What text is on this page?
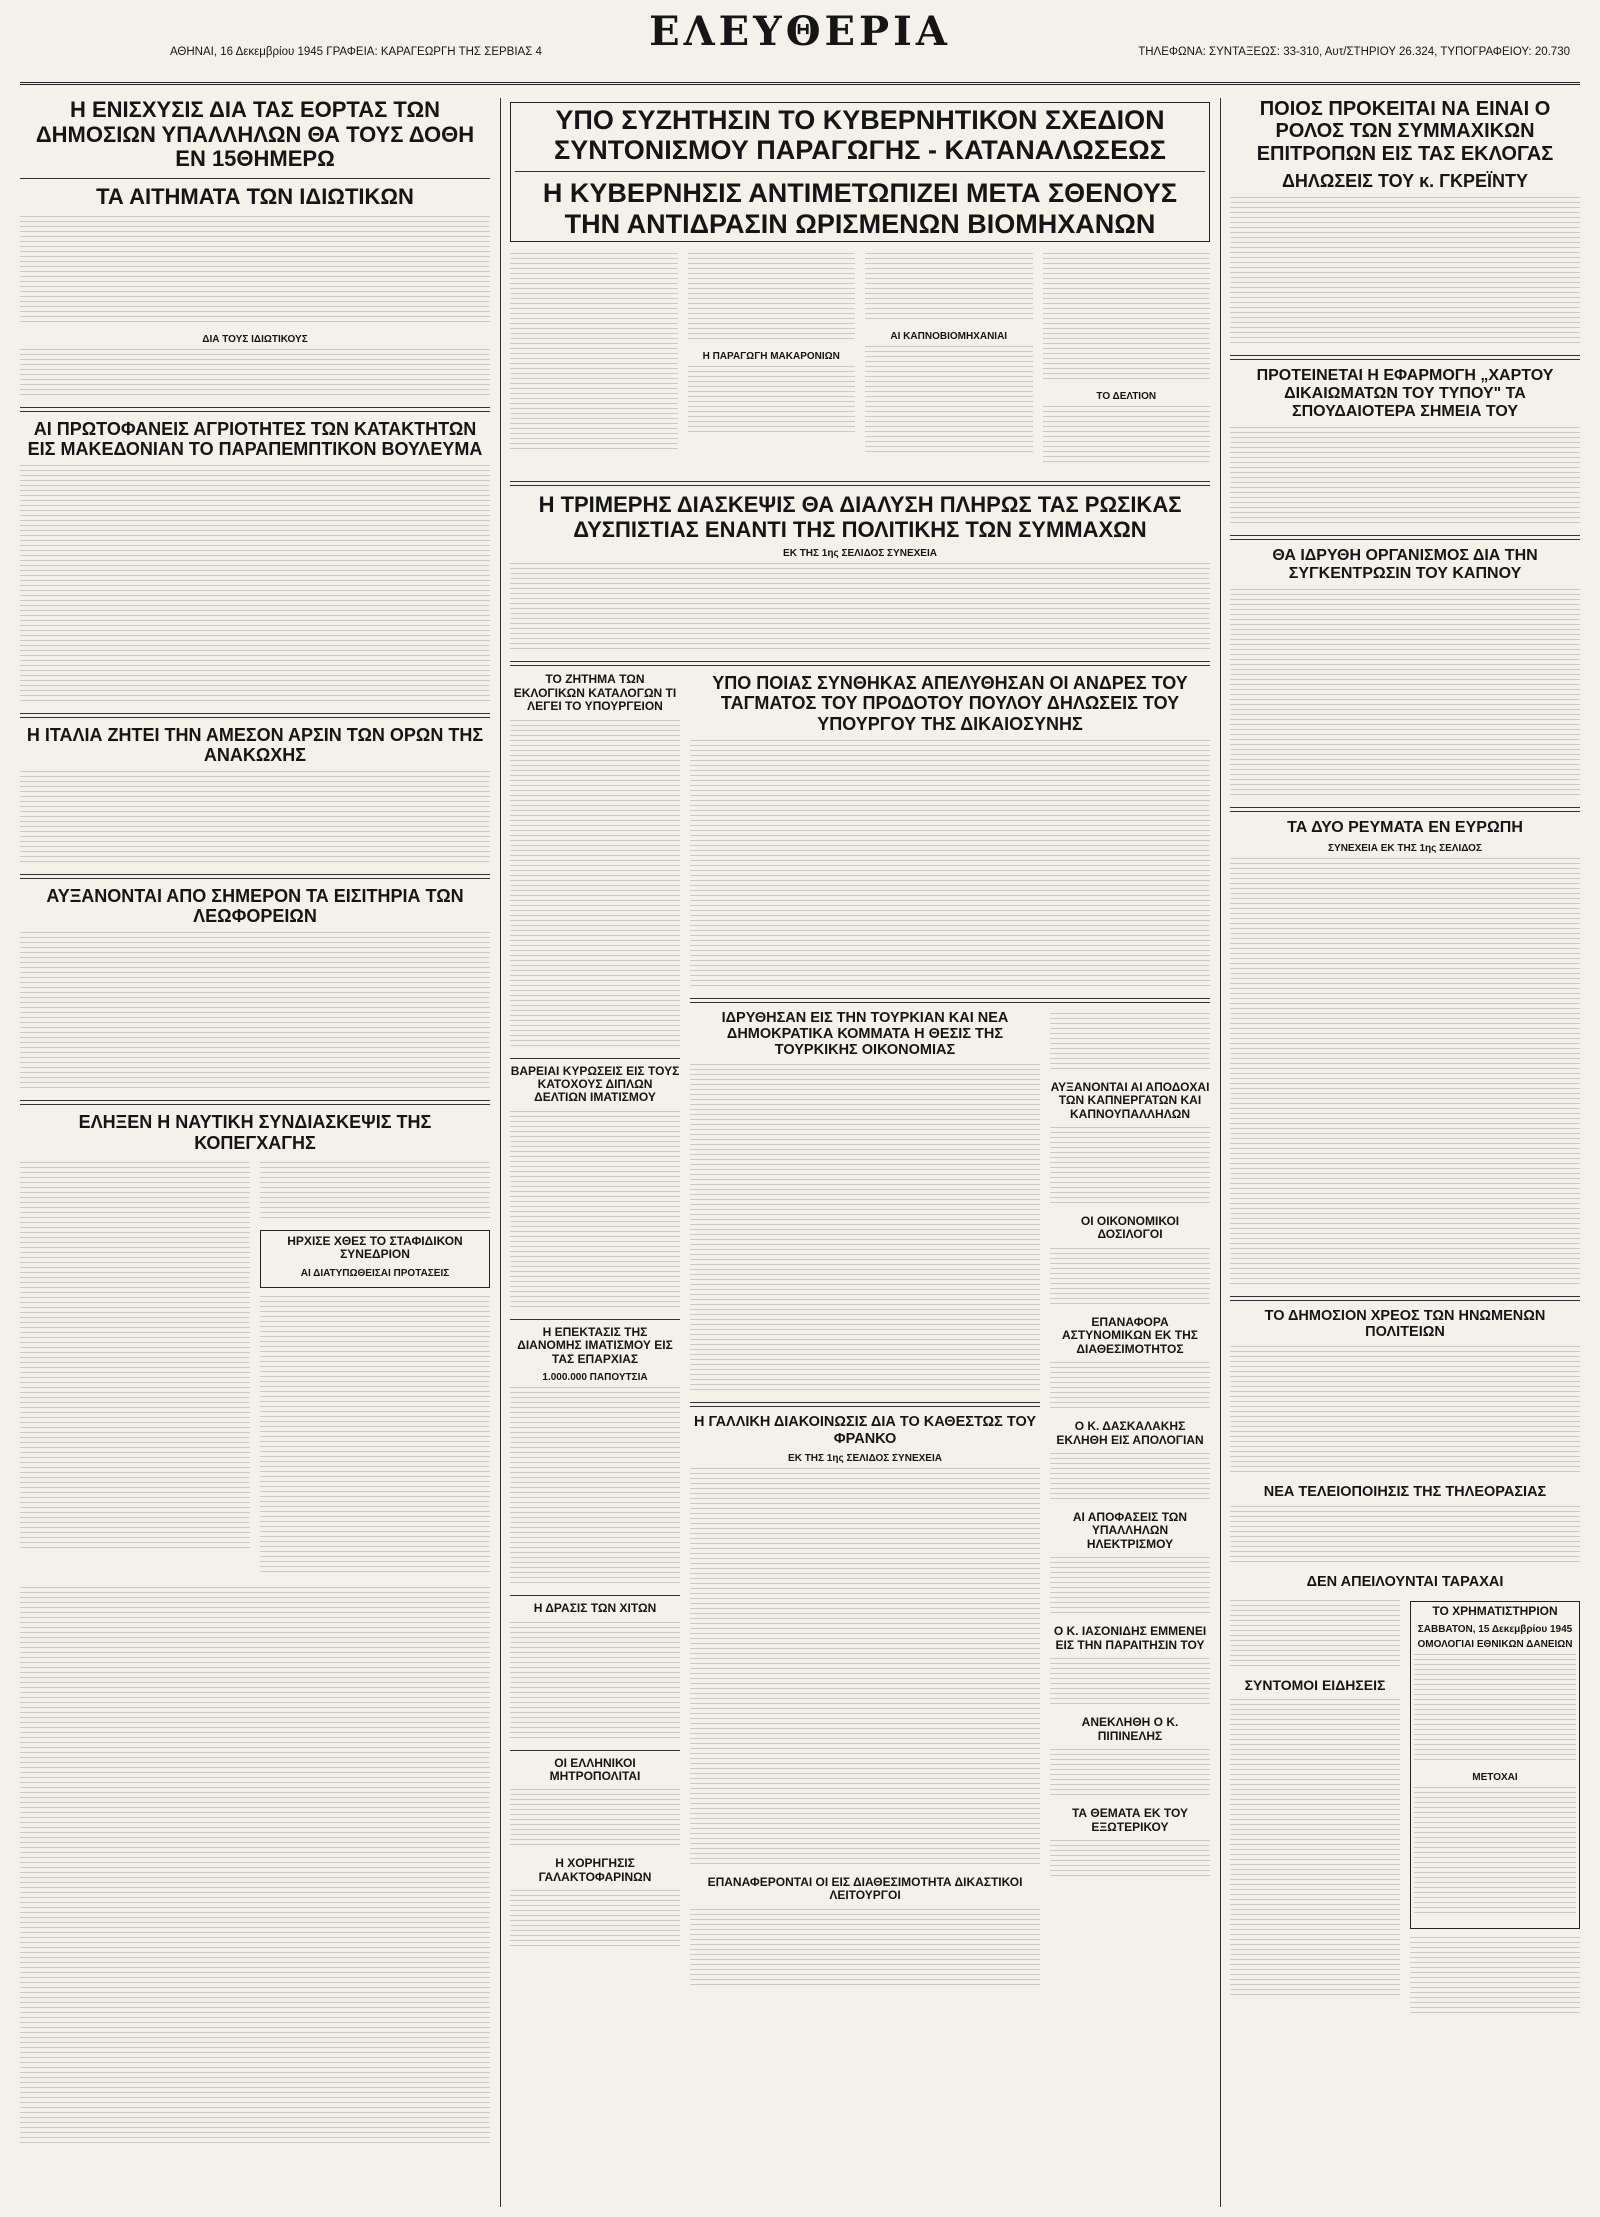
ΑΘΗΝΑΙ, 16 Δεκεμβρίου 1945 ΓΡΑΦΕΙΑ: ΚΑΡΑΓΕΩΡΓΗ ΤΗΣ ΣΕΡΒΙΑΣ 4	ΕΛΕΥΘΕΡΙΑ	ΤΗΛΕΦΩΝΑ: ΣΥΝΤΑΞΕΩΣ: 33-310, Αυτ/ΣΤΗΡΙΟΥ 26.324, ΤΥΠΟΓΡΑΦΕΙΟΥ: 20.730
Η ΕΝΙΣΧΥΣΙΣ ΔΙΑ ΤΑΣ ΕΟΡΤΑΣ ΤΩΝ ΔΗΜΟΣΙΩΝ ΥΠΑΛΛΗΛΩΝ ΘΑ ΤΟΥΣ ΔΟΘΗ ΕΝ 15ΘΗΜΕΡΩ
ΤΑ ΑΙΤΗΜΑΤΑ ΤΩΝ ΙΔΙΩΤΙΚΩΝ
ΔΙΑ ΤΟΥΣ ΙΔΙΩΤΙΚΟΥΣ
ΑΙ ΠΡΩΤΟΦΑΝΕΙΣ ΑΓΡΙΟΤΗΤΕΣ ΤΩΝ ΚΑΤΑΚΤΗΤΩΝ ΕΙΣ ΜΑΚΕΔΟΝΙΑΝ ΤΟ ΠΑΡΑΠΕΜΠΤΙΚΟΝ ΒΟΥΛΕΥΜΑ
Η ΙΤΑΛΙΑ ΖΗΤΕΙ ΤΗΝ ΑΜΕΣΟΝ ΑΡΣΙΝ ΤΩΝ ΟΡΩΝ ΤΗΣ ΑΝΑΚΩΧΗΣ
ΑΥΞΑΝΟΝΤΑΙ ΑΠΟ ΣΗΜΕΡΟΝ ΤΑ ΕΙΣΙΤΗΡΙΑ ΤΩΝ ΛΕΩΦΟΡΕΙΩΝ
ΕΛΗΞΕΝ Η ΝΑΥΤΙΚΗ ΣΥΝΔΙΑΣΚΕΨΙΣ ΤΗΣ ΚΟΠΕΓΧΑΓΗΣ
ΗΡΧΙΣΕ ΧΘΕΣ ΤΟ ΣΤΑΦΙΔΙΚΟΝ ΣΥΝΕΔΡΙΟΝ
ΑΙ ΔΙΑΤΥΠΩΘΕΙΣΑΙ ΠΡΟΤΑΣΕΙΣ
ΥΠΟ ΣΥΖΗΤΗΣΙΝ ΤΟ ΚΥΒΕΡΝΗΤΙΚΟΝ ΣΧΕΔΙΟΝ ΣΥΝΤΟΝΙΣΜΟΥ ΠΑΡΑΓΩΓΗΣ - ΚΑΤΑΝΑΛΩΣΕΩΣ
Η ΚΥΒΕΡΝΗΣΙΣ ΑΝΤΙΜΕΤΩΠΙΖΕΙ ΜΕΤΑ ΣΘΕΝΟΥΣ ΤΗΝ ΑΝΤΙΔΡΑΣΙΝ ΩΡΙΣΜΕΝΩΝ ΒΙΟΜΗΧΑΝΩΝ
Η ΠΑΡΑΓΩΓΗ ΜΑΚΑΡΟΝΙΩΝ
ΑΙ ΚΑΠΝΟΒΙΟΜΗΧΑΝΙΑΙ
ΤΟ ΔΕΛΤΙΟΝ
Η ΤΡΙΜΕΡΗΣ ΔΙΑΣΚΕΨΙΣ ΘΑ ΔΙΑΛΥΣΗ ΠΛΗΡΩΣ ΤΑΣ ΡΩΣΙΚΑΣ ΔΥΣΠΙΣΤΙΑΣ ΕΝΑΝΤΙ ΤΗΣ ΠΟΛΙΤΙΚΗΣ ΤΩΝ ΣΥΜΜΑΧΩΝ
ΕΚ ΤΗΣ 1ης ΣΕΛΙΔΟΣ ΣΥΝΕΧΕΙΑ
ΤΟ ΖΗΤΗΜΑ ΤΩΝ ΕΚΛΟΓΙΚΩΝ ΚΑΤΑΛΟΓΩΝ ΤΙ ΛΕΓΕΙ ΤΟ ΥΠΟΥΡΓΕΙΟΝ
ΒΑΡΕΙΑΙ ΚΥΡΩΣΕΙΣ ΕΙΣ ΤΟΥΣ ΚΑΤΟΧΟΥΣ ΔΙΠΛΩΝ ΔΕΛΤΙΩΝ ΙΜΑΤΙΣΜΟΥ
Η ΕΠΕΚΤΑΣΙΣ ΤΗΣ ΔΙΑΝΟΜΗΣ ΙΜΑΤΙΣΜΟΥ ΕΙΣ ΤΑΣ ΕΠΑΡΧΙΑΣ
1.000.000 ΠΑΠΟΥΤΣΙΑ
Η ΔΡΑΣΙΣ ΤΩΝ ΧΙΤΩΝ
ΟΙ ΕΛΛΗΝΙΚΟΙ ΜΗΤΡΟΠΟΛΙΤΑΙ
Η ΧΟΡΗΓΗΣΙΣ ΓΑΛΑΚΤΟΦΑΡΙΝΩΝ
ΥΠΟ ΠΟΙΑΣ ΣΥΝΘΗΚΑΣ ΑΠΕΛΥΘΗΣΑΝ ΟΙ ΑΝΔΡΕΣ ΤΟΥ ΤΑΓΜΑΤΟΣ ΤΟΥ ΠΡΟΔΟΤΟΥ ΠΟΥΛΟΥ ΔΗΛΩΣΕΙΣ ΤΟΥ ΥΠΟΥΡΓΟΥ ΤΗΣ ΔΙΚΑΙΟΣΥΝΗΣ
ΙΔΡΥΘΗΣΑΝ ΕΙΣ ΤΗΝ ΤΟΥΡΚΙΑΝ ΚΑΙ ΝΕΑ ΔΗΜΟΚΡΑΤΙΚΑ ΚΟΜΜΑΤΑ Η ΘΕΣΙΣ ΤΗΣ ΤΟΥΡΚΙΚΗΣ ΟΙΚΟΝΟΜΙΑΣ
Η ΓΑΛΛΙΚΗ ΔΙΑΚΟΙΝΩΣΙΣ ΔΙΑ ΤΟ ΚΑΘΕΣΤΩΣ ΤΟΥ ΦΡΑΝΚΟ
ΕΚ ΤΗΣ 1ης ΣΕΛΙΔΟΣ ΣΥΝΕΧΕΙΑ
ΕΠΑΝΑΦΕΡΟΝΤΑΙ ΟΙ ΕΙΣ ΔΙΑΘΕΣΙΜΟΤΗΤΑ ΔΙΚΑΣΤΙΚΟΙ ΛΕΙΤΟΥΡΓΟΙ
ΑΥΞΑΝΟΝΤΑΙ ΑΙ ΑΠΟΔΟΧΑΙ ΤΩΝ ΚΑΠΝΕΡΓΑΤΩΝ ΚΑΙ ΚΑΠΝΟΥΠΑΛΛΗΛΩΝ
ΟΙ ΟΙΚΟΝΟΜΙΚΟΙ ΔΟΣΙΛΟΓΟΙ
ΕΠΑΝΑΦΟΡΑ ΑΣΤΥΝΟΜΙΚΩΝ ΕΚ ΤΗΣ ΔΙΑΘΕΣΙΜΟΤΗΤΟΣ
Ο Κ. ΔΑΣΚΑΛΑΚΗΣ ΕΚΛΗΘΗ ΕΙΣ ΑΠΟΛΟΓΙΑΝ
ΑΙ ΑΠΟΦΑΣΕΙΣ ΤΩΝ ΥΠΑΛΛΗΛΩΝ ΗΛΕΚΤΡΙΣΜΟΥ
Ο Κ. ΙΑΣΟΝΙΔΗΣ ΕΜΜΕΝΕΙ ΕΙΣ ΤΗΝ ΠΑΡΑΙΤΗΣΙΝ ΤΟΥ
ΑΝΕΚΛΗΘΗ Ο Κ. ΠΙΠΙΝΕΛΗΣ
ΤΑ ΘΕΜΑΤΑ ΕΚ ΤΟΥ ΕΞΩΤΕΡΙΚΟΥ
ΠΟΙΟΣ ΠΡΟΚΕΙΤΑΙ ΝΑ ΕΙΝΑΙ Ο ΡΟΛΟΣ ΤΩΝ ΣΥΜΜΑΧΙΚΩΝ ΕΠΙΤΡΟΠΩΝ ΕΙΣ ΤΑΣ ΕΚΛΟΓΑΣ
ΔΗΛΩΣΕΙΣ ΤΟΥ κ. ΓΚΡΕΪΝΤΥ
ΠΡΟΤΕΙΝΕΤΑΙ Η ΕΦΑΡΜΟΓΗ „ΧΑΡΤΟΥ ΔΙΚΑΙΩΜΑΤΩΝ ΤΟΥ ΤΥΠΟΥ" ΤΑ ΣΠΟΥΔΑΙΟΤΕΡΑ ΣΗΜΕΙΑ ΤΟΥ
ΘΑ ΙΔΡΥΘΗ ΟΡΓΑΝΙΣΜΟΣ ΔΙΑ ΤΗΝ ΣΥΓΚΕΝΤΡΩΣΙΝ ΤΟΥ ΚΑΠΝΟΥ
ΤΑ ΔΥΟ ΡΕΥΜΑΤΑ ΕΝ ΕΥΡΩΠΗ
ΣΥΝΕΧΕΙΑ ΕΚ ΤΗΣ 1ης ΣΕΛΙΔΟΣ
ΤΟ ΔΗΜΟΣΙΟΝ ΧΡΕΟΣ ΤΩΝ ΗΝΩΜΕΝΩΝ ΠΟΛΙΤΕΙΩΝ
ΝΕΑ ΤΕΛΕΙΟΠΟΙΗΣΙΣ ΤΗΣ ΤΗΛΕΟΡΑΣΙΑΣ
ΔΕΝ ΑΠΕΙΛΟΥΝΤΑΙ ΤΑΡΑΧΑΙ
ΣΥΝΤΟΜΟΙ ΕΙΔΗΣΕΙΣ
ΤΟ ΧΡΗΜΑΤΙΣΤΗΡΙΟΝ
ΣΑΒΒΑΤΟΝ, 15 Δεκεμβρίου 1945
ΟΜΟΛΟΓΙΑΙ ΕΘΝΙΚΩΝ ΔΑΝΕΙΩΝ
ΜΕΤΟΧΑΙ
